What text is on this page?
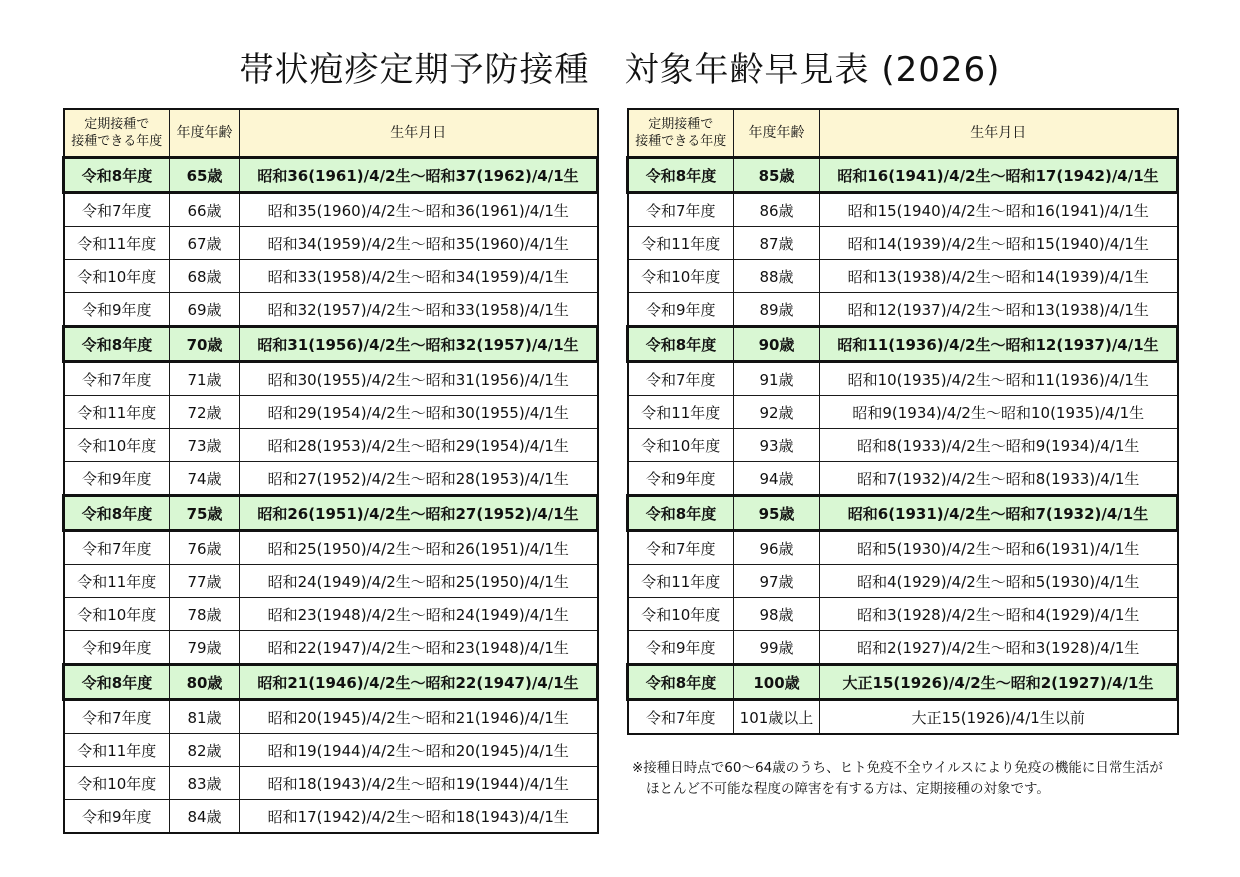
帯状疱疹定期予防接種　対象年齢早見表 (2026)
定期接種で
接種できる年度	年度年齢	生年月日
令和8年度	65歳	昭和36(1961)/4/2生～昭和37(1962)/4/1生
令和7年度	66歳	昭和35(1960)/4/2生～昭和36(1961)/4/1生
令和11年度	67歳	昭和34(1959)/4/2生～昭和35(1960)/4/1生
令和10年度	68歳	昭和33(1958)/4/2生～昭和34(1959)/4/1生
令和9年度	69歳	昭和32(1957)/4/2生～昭和33(1958)/4/1生
令和8年度	70歳	昭和31(1956)/4/2生～昭和32(1957)/4/1生
令和7年度	71歳	昭和30(1955)/4/2生～昭和31(1956)/4/1生
令和11年度	72歳	昭和29(1954)/4/2生～昭和30(1955)/4/1生
令和10年度	73歳	昭和28(1953)/4/2生～昭和29(1954)/4/1生
令和9年度	74歳	昭和27(1952)/4/2生～昭和28(1953)/4/1生
令和8年度	75歳	昭和26(1951)/4/2生～昭和27(1952)/4/1生
令和7年度	76歳	昭和25(1950)/4/2生～昭和26(1951)/4/1生
令和11年度	77歳	昭和24(1949)/4/2生～昭和25(1950)/4/1生
令和10年度	78歳	昭和23(1948)/4/2生～昭和24(1949)/4/1生
令和9年度	79歳	昭和22(1947)/4/2生～昭和23(1948)/4/1生
令和8年度	80歳	昭和21(1946)/4/2生～昭和22(1947)/4/1生
令和7年度	81歳	昭和20(1945)/4/2生～昭和21(1946)/4/1生
令和11年度	82歳	昭和19(1944)/4/2生～昭和20(1945)/4/1生
令和10年度	83歳	昭和18(1943)/4/2生～昭和19(1944)/4/1生
令和9年度	84歳	昭和17(1942)/4/2生～昭和18(1943)/4/1生
定期接種で
接種できる年度	年度年齢	生年月日
令和8年度	85歳	昭和16(1941)/4/2生～昭和17(1942)/4/1生
令和7年度	86歳	昭和15(1940)/4/2生～昭和16(1941)/4/1生
令和11年度	87歳	昭和14(1939)/4/2生～昭和15(1940)/4/1生
令和10年度	88歳	昭和13(1938)/4/2生～昭和14(1939)/4/1生
令和9年度	89歳	昭和12(1937)/4/2生～昭和13(1938)/4/1生
令和8年度	90歳	昭和11(1936)/4/2生～昭和12(1937)/4/1生
令和7年度	91歳	昭和10(1935)/4/2生～昭和11(1936)/4/1生
令和11年度	92歳	昭和9(1934)/4/2生～昭和10(1935)/4/1生
令和10年度	93歳	昭和8(1933)/4/2生～昭和9(1934)/4/1生
令和9年度	94歳	昭和7(1932)/4/2生～昭和8(1933)/4/1生
令和8年度	95歳	昭和6(1931)/4/2生～昭和7(1932)/4/1生
令和7年度	96歳	昭和5(1930)/4/2生～昭和6(1931)/4/1生
令和11年度	97歳	昭和4(1929)/4/2生～昭和5(1930)/4/1生
令和10年度	98歳	昭和3(1928)/4/2生～昭和4(1929)/4/1生
令和9年度	99歳	昭和2(1927)/4/2生～昭和3(1928)/4/1生
令和8年度	100歳	大正15(1926)/4/2生～昭和2(1927)/4/1生
令和7年度	101歳以上	大正15(1926)/4/1生以前
※接種日時点で60～64歳のうち、ヒト免疫不全ウイルスにより免疫の機能に日常生活が
ほとんど不可能な程度の障害を有する方は、定期接種の対象です。
